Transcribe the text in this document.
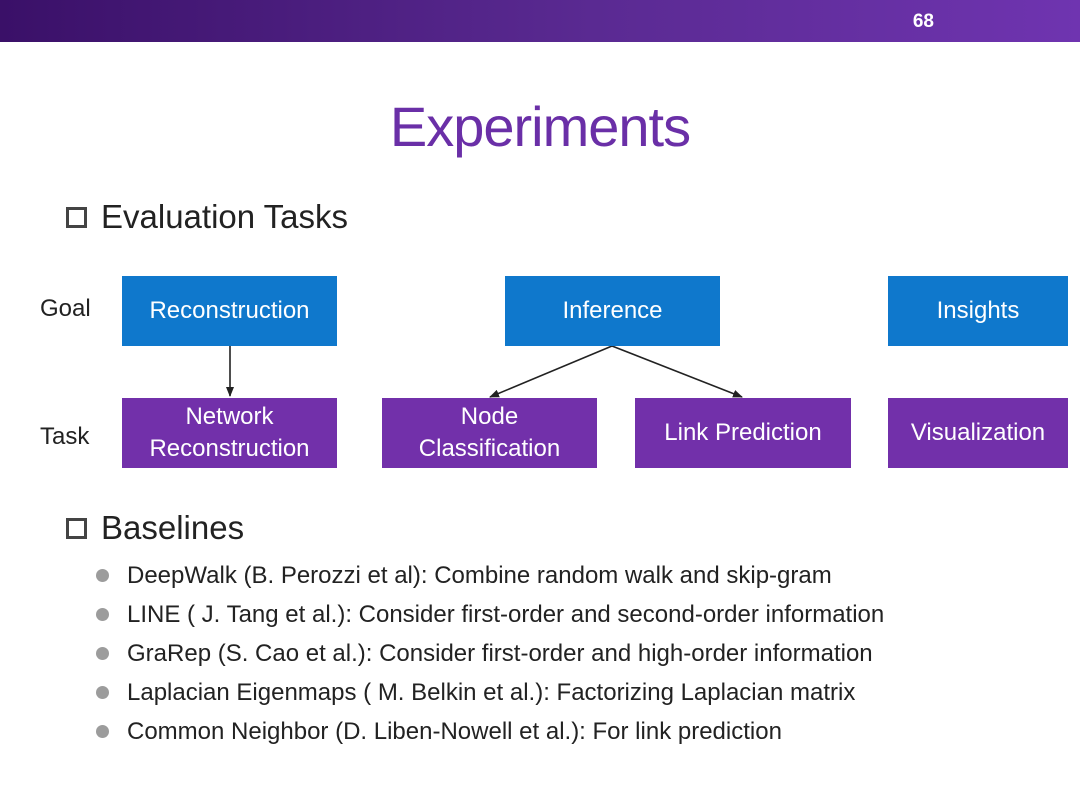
68
Experiments
Evaluation Tasks
Goal
Task
Reconstruction	Inference	Insights
Network
Reconstruction
Node
Classification
Link Prediction	Visualization
Baselines
DeepWalk (B. Perozzi et al): Combine random walk and skip-gram
LINE ( J. Tang et al.): Consider first-order and second-order information
GraRep (S. Cao et al.): Consider first-order and high-order information
Laplacian Eigenmaps ( M. Belkin et al.): Factorizing Laplacian matrix
Common Neighbor (D. Liben-Nowell et al.): For link prediction
